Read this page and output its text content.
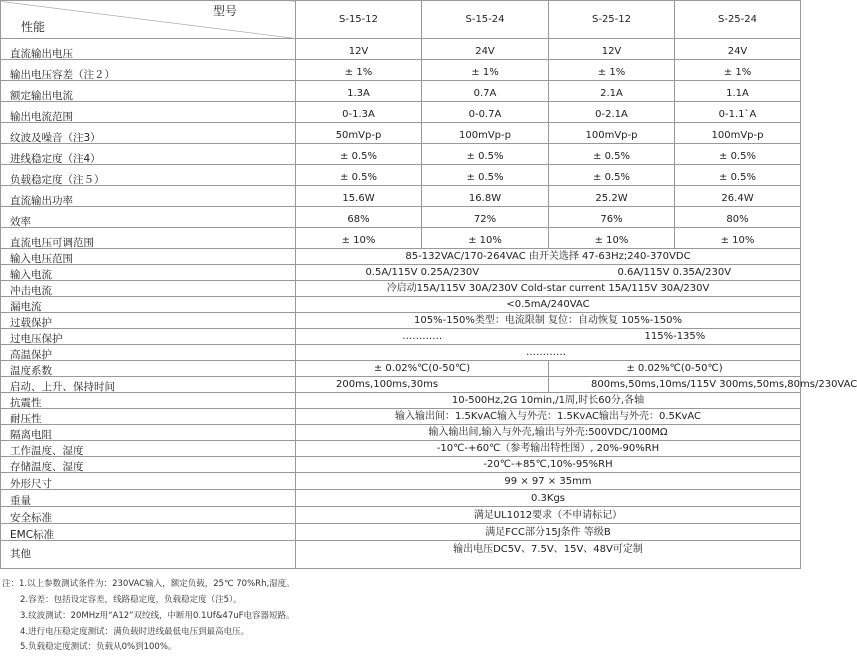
型号
性能	S-15-12	S-15-24	S-25-12	S-25-24
直流输出电压	12V	24V	12V	24V
输出电压容差（注２）	± 1%	± 1%	± 1%	± 1%
额定输出电流	1.3A	0.7A	2.1A	1.1A
输出电流范围	0-1.3A	0-0.7A	0-2.1A	0-1.1`A
纹波及噪音（注3）	50mVp-p	100mVp-p	100mVp-p	100mVp-p
进线稳定度（注4）	± 0.5%	± 0.5%	± 0.5%	± 0.5%
负载稳定度（注５）	± 0.5%	± 0.5%	± 0.5%	± 0.5%
直流输出功率	15.6W	16.8W	25.2W	26.4W
效率	68%	72%	76%	80%
直流电压可调范围	± 10%	± 10%	± 10%	± 10%
输入电压范围	85-132VAC/170-264VAC 由开关选择 47-63Hz;240-370VDC			
输入电流	0.5A/115V 0.25A/230V		0.6A/115V 0.35A/230V	
冲击电流	冷启动15A/115V 30A/230V Cold-star current 15A/115V 30A/230V			
漏电流	<0.5mA/240VAC			
过载保护	105%-150%类型：电流限制 复位：自动恢复 105%-150%			
过电压保护	…………		115%-135%	
高温保护	…………			
温度系数	± 0.02%℃(0-50℃)		± 0.02%℃(0-50℃)	
启动、上升、保持时间	200ms,100ms,30ms		800ms,50ms,10ms/115V 300ms,50ms,80ms/230VAC	
抗震性	10-500Hz,2G 10min,/1周,时长60分,各轴			
耐压性	输入输出间：1.5KvAC输入与外壳：1.5KvAC输出与外壳：0.5KvAC			
隔离电阻	输入输出间,输入与外壳,输出与外壳:500VDC/100MΩ			
工作温度、湿度	-10℃-+60℃（参考输出特性图）, 20%-90%RH			
存储温度、湿度	-20℃-+85℃,10%-95%RH			
外形尺寸	99 × 97 × 35mm			
重量	0.3Kgs			
安全标准	满足UL1012要求（不申请标记）			
EMC标准	满足FCC部分15J条件 等级B			
其他	输出电压DC5V、7.5V、15V、48V可定制			
注：1.以上参数测试条件为：230VAC输入，额定负载，25℃ 70%Rh,湿度。
2.容差：包括设定容差，线路稳定度，负载稳定度（注5）。
3.纹波测试：20MHz用“A12”双绞线，中断用0.1Uf&47uF电容器短路。
4.进行电压稳定度测试：满负载时进线最低电压到最高电压。
5.负载稳定度测试：负载从0%到100%。
